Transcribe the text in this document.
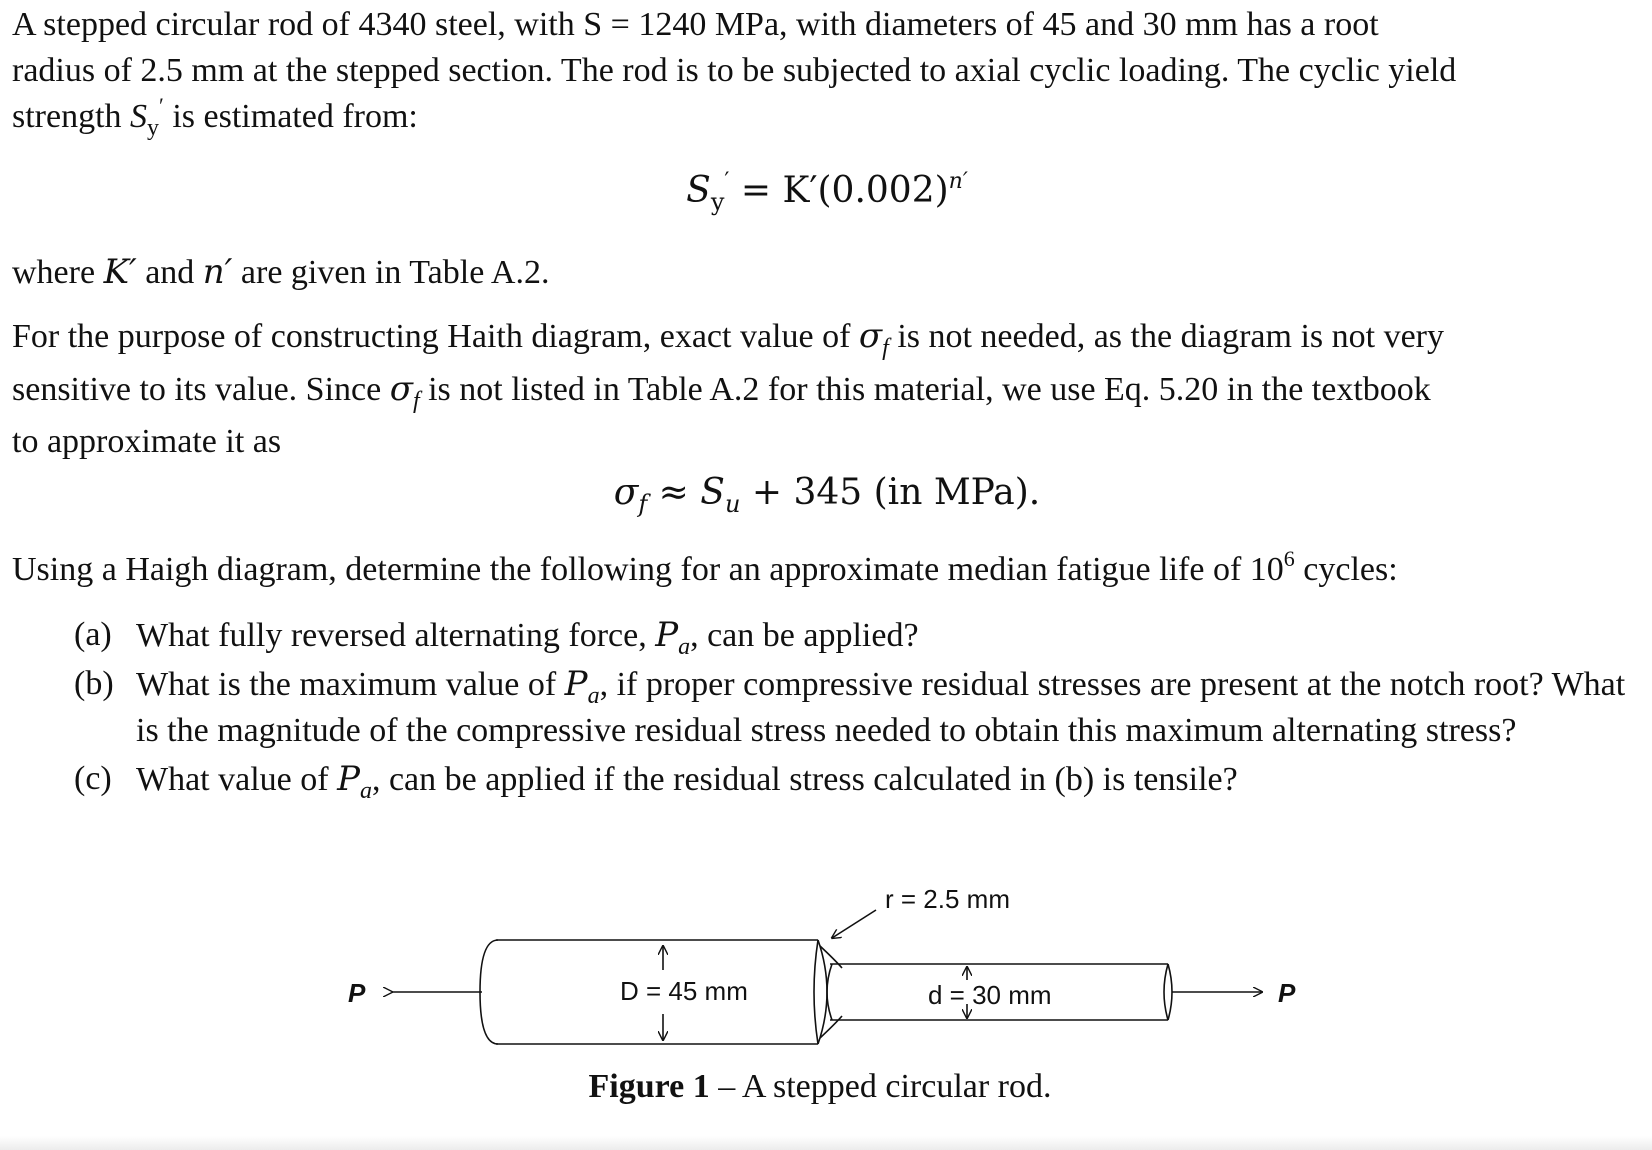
A stepped circular rod of 4340 steel, with S = 1240 MPa, with diameters of 45 and 30 mm has a root
radius of 2.5 mm at the stepped section. The rod is to be subjected to axial cyclic loading. The cyclic yield
strength $S_y'$ is estimated from:

$S_y' = K'(0.002)^{n'}$

where K′ and n′ are given in Table A.2.

For the purpose of constructing Haith diagram, exact value of $\sigma_f$ is not needed, as the diagram is not very
sensitive to its value. Since $\sigma_f$ is not listed in Table A.2 for this material, we use Eq. 5.20 in the textbook
to approximate it as

$\sigma_f \approx S_u + 345$ (in MPa).

Using a Haigh diagram, determine the following for an approximate median fatigue life of $10^6$ cycles:

(a) What fully reversed alternating force, $P_a$, can be applied?
(b) What is the maximum value of $P_a$, if proper compressive residual stresses are present at the notch root? What is the magnitude of the compressive residual stress needed to obtain this maximum alternating stress?
(c) What value of $P_a$, can be applied if the residual stress calculated in (b) is tensile?
r = 2.5 mm
D = 45 mm	d = 30 mm
P	P
Figure 1 – A stepped circular rod.
